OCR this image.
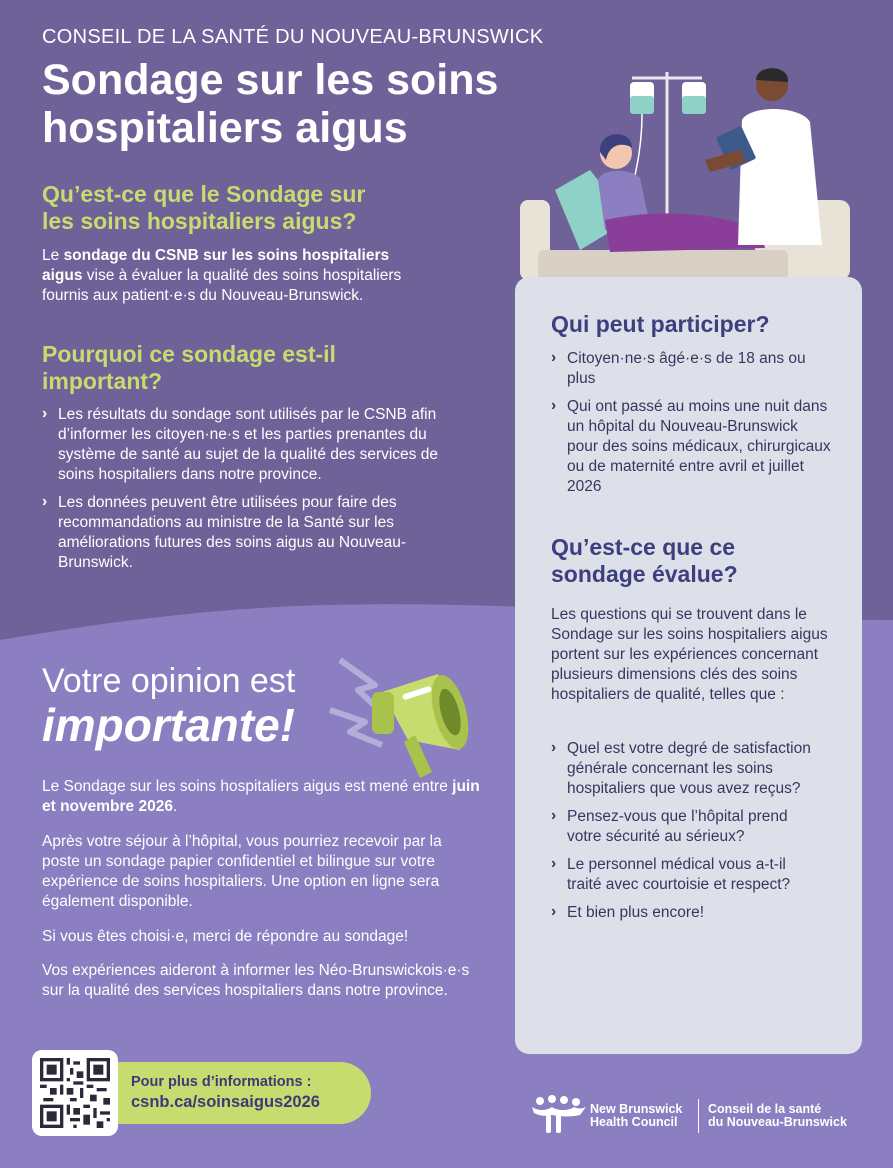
CONSEIL DE LA SANTÉ DU NOUVEAU-BRUNSWICK
Sondage sur les soins
hospitaliers aigus
Qu’est-ce que le Sondage sur
les soins hospitaliers aigus?

Le sondage du CSNB sur les soins hospitaliers aigus vise à évaluer la qualité des soins hospitaliers fournis aux patient·e·s du Nouveau-Brunswick.

Pourquoi ce sondage est-il
important?
› Les résultats du sondage sont utilisés par le CSNB afin d’informer les citoyen·ne·s et les parties prenantes du système de santé au sujet de la qualité des services de soins hospitaliers dans notre province.
› Les données peuvent être utilisées pour faire des recommandations au ministre de la Santé sur les améliorations futures des soins aigus au Nouveau-Brunswick.
Votre opinion est
importante!

Le Sondage sur les soins hospitaliers aigus est mené entre juin et novembre 2026.

Après votre séjour à l’hôpital, vous pourriez recevoir par la poste un sondage papier confidentiel et bilingue sur votre expérience de soins hospitaliers. Une option en ligne sera également disponible.

Si vous êtes choisi·e, merci de répondre au sondage!

Vos expériences aideront à informer les Néo-Brunswickois·e·s sur la qualité des services hospitaliers dans notre province.

Pour plus d’informations :
csnb.ca/soinsaigus2026
Qui peut participer?
› Citoyen·ne·s âgé·e·s de 18 ans ou plus
› Qui ont passé au moins une nuit dans un hôpital du Nouveau-Brunswick pour des soins médicaux, chirurgicaux ou de maternité entre avril et juillet 2026
Qu’est-ce que ce
sondage évalue?

Les questions qui se trouvent dans le Sondage sur les soins hospitaliers aigus portent sur les expériences concernant plusieurs dimensions clés des soins hospitaliers de qualité, telles que :

› Quel est votre degré de satisfaction générale concernant les soins hospitaliers que vous avez reçus?
› Pensez-vous que l’hôpital prend votre sécurité au sérieux?
› Le personnel médical vous a-t-il traité avec courtoisie et respect?
› Et bien plus encore!
New Brunswick
Health Council
Conseil de la santé
du Nouveau-Brunswick
